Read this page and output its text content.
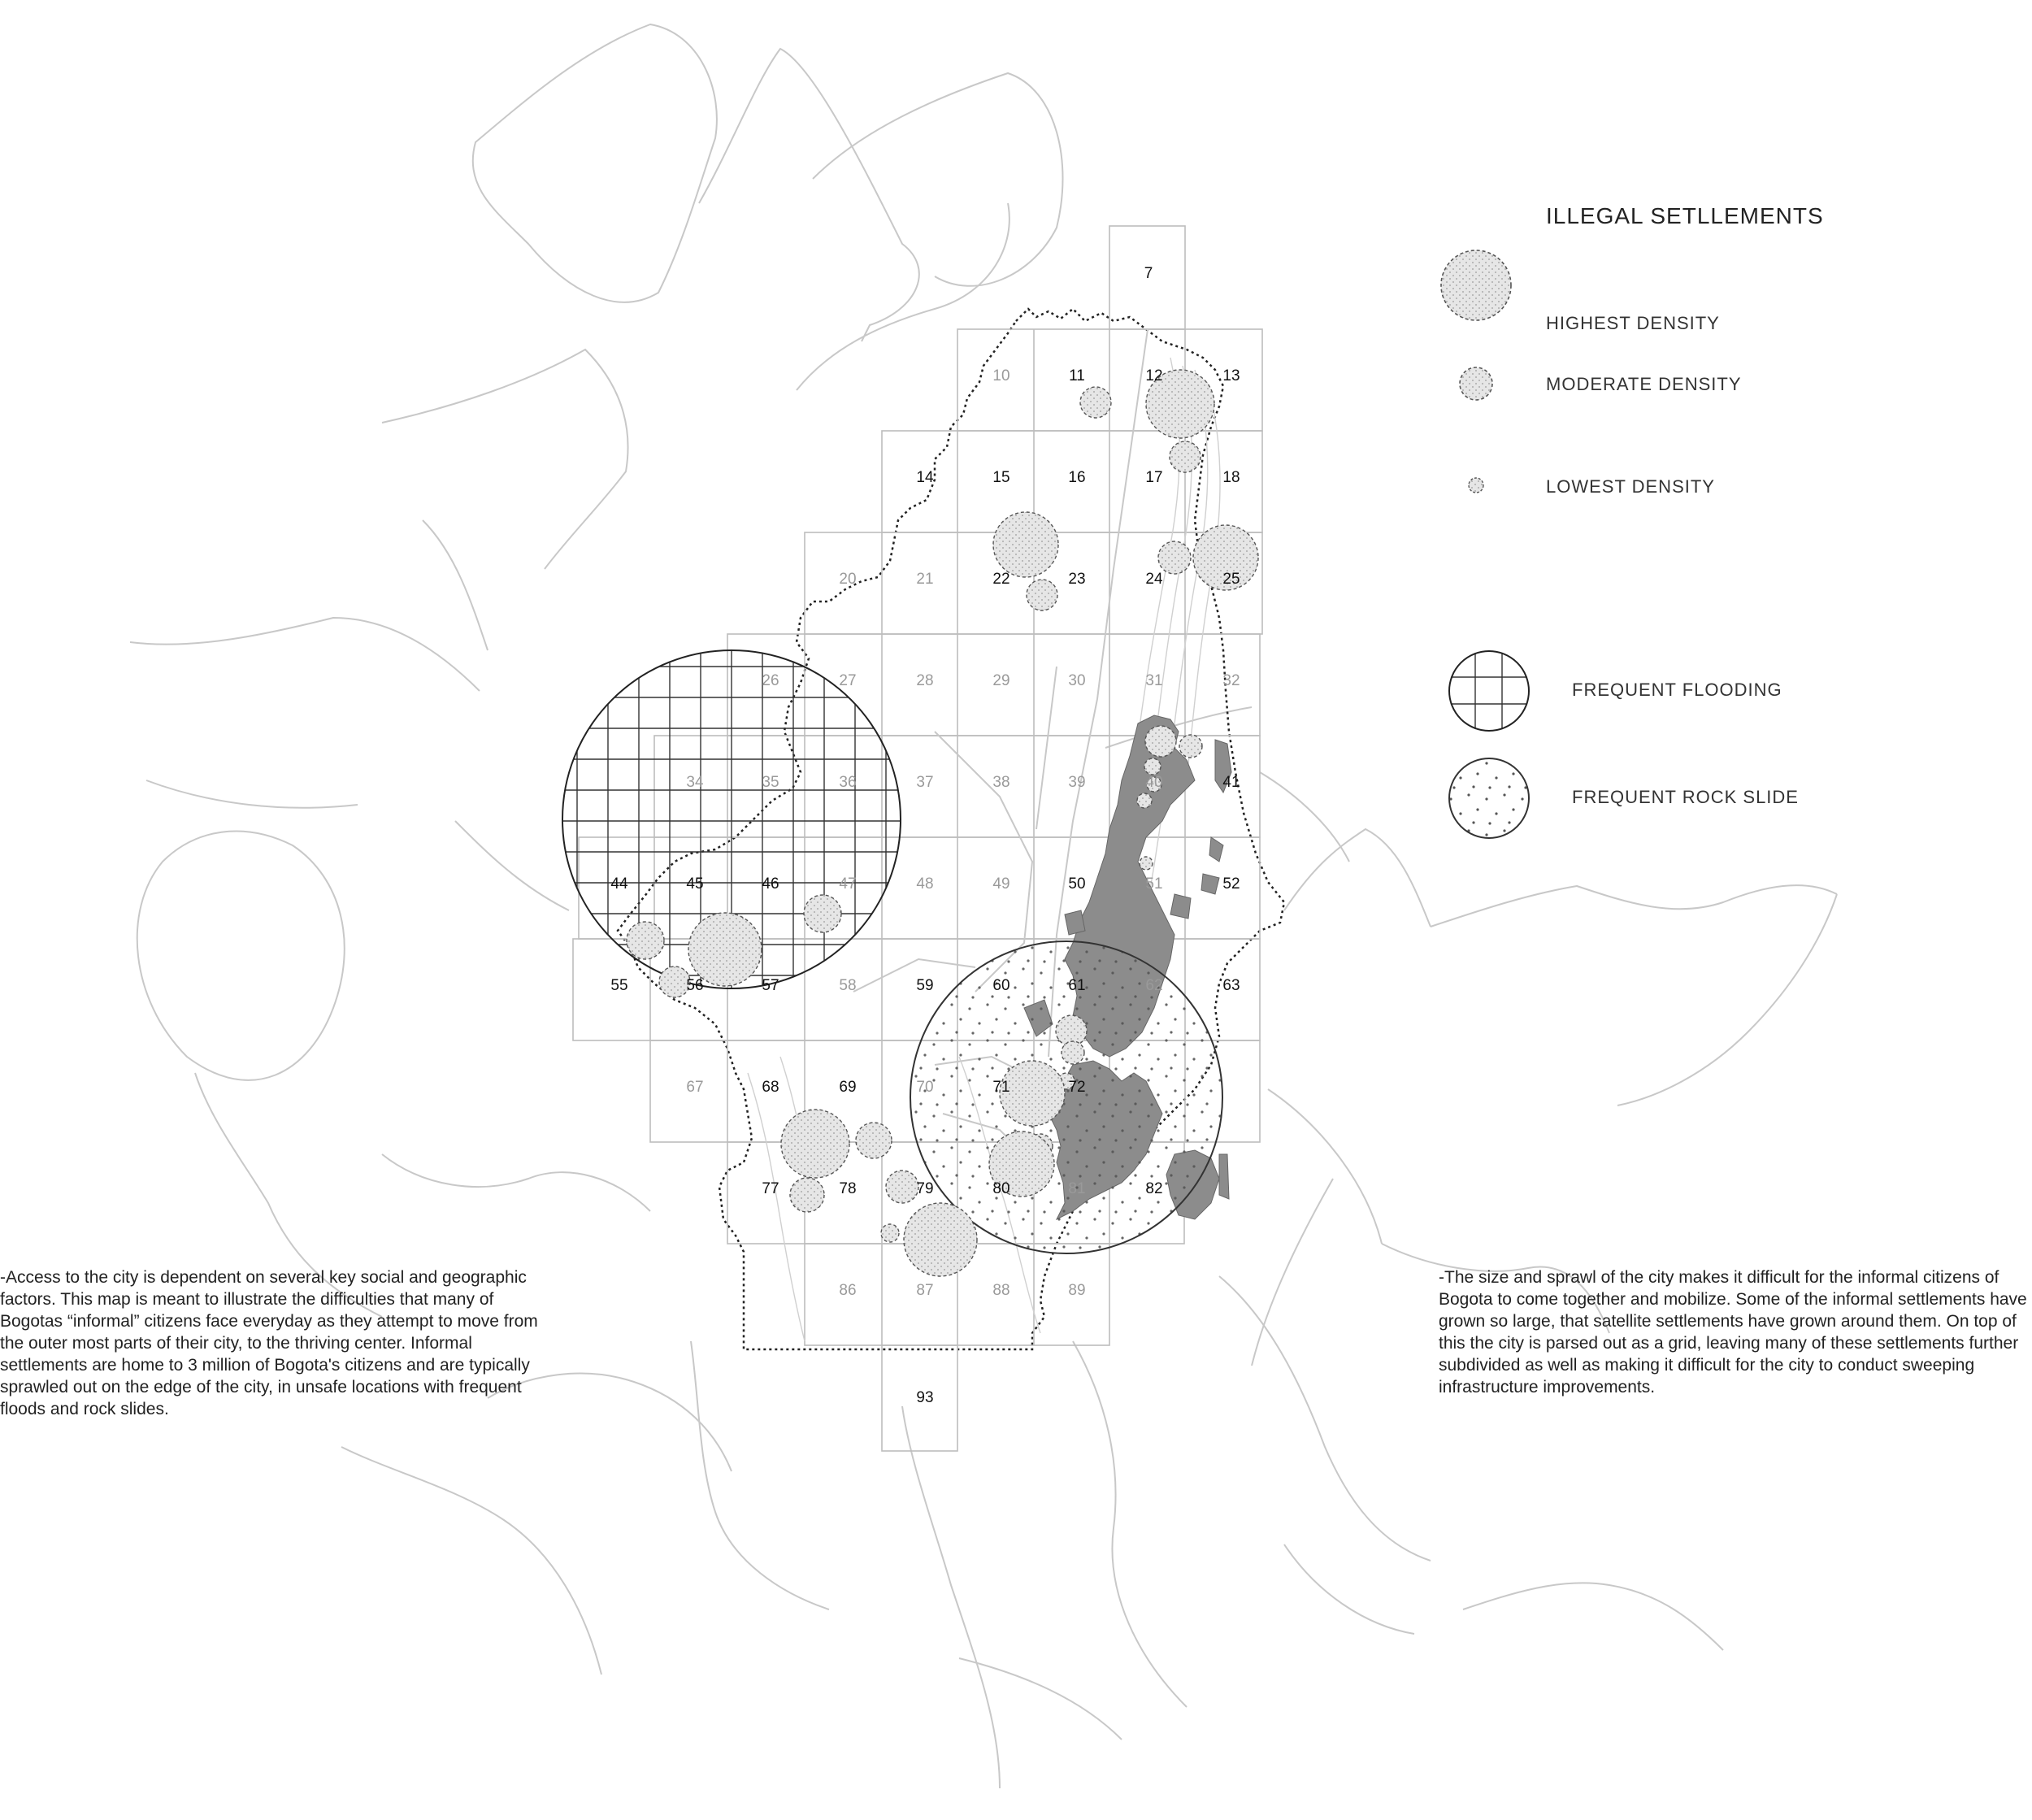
7
10	11	12	13
14	15	16	17	18
20	21	22	23	24	25
26	27	28	29	30	31	32
34	35	36	37	38	39	40	41
44	45	46	47	48	49	50	51	52
55	56	57	58	59	60	61	62	63
67	68	69	70	71	72
77	78	79	80	81	82
86	87	88	89
93
ILLEGAL SETLLEMENTS
HIGHEST DENSITY
MODERATE DENSITY
LOWEST DENSITY
FREQUENT FLOODING
FREQUENT ROCK SLIDE
-Access to the city is dependent on several key social and geographic factors. This map is meant to illustrate the difficulties that many of Bogotas “informal” citizens face everyday as they attempt to move from the outer most parts of their city, to the thriving center. Informal settlements are home to 3 million of Bogota's citizens and are typically sprawled out on the edge of the city, in unsafe locations with frequent floods and rock slides.
-The size and sprawl of the city makes it difficult for the informal citizens of Bogota to come together and mobilize. Some of the informal settlements have grown so large, that satellite settlements have grown around them. On top of this the city is parsed out as a grid, leaving many of these settlements further subdivided as well as making it difficult for the city to conduct sweeping infrastructure improvements.
